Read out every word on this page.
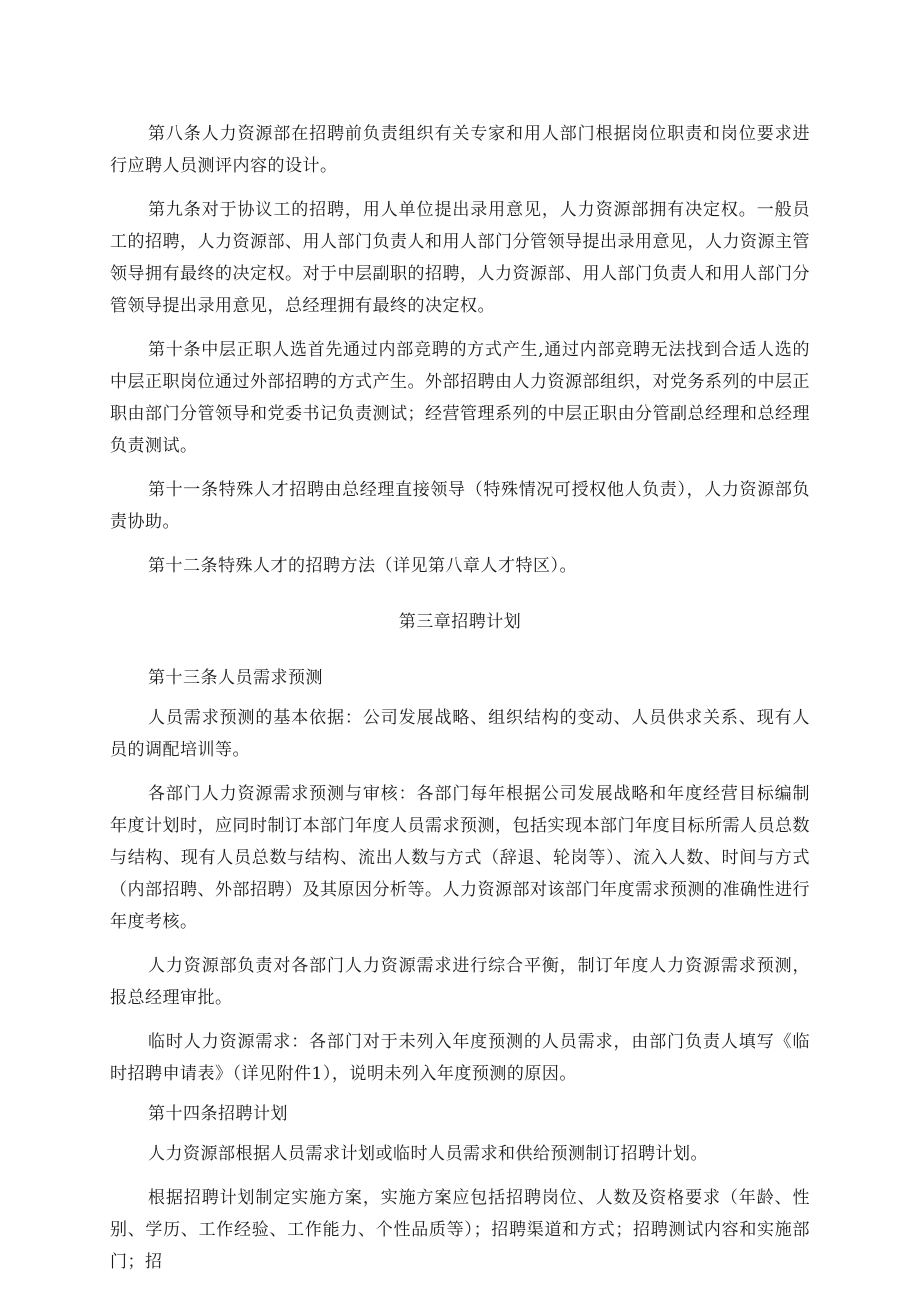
第八条人力资源部在招聘前负责组织有关专家和用人部门根据岗位职责和岗位要求进行应聘人员测评内容的设计。

第九条对于协议工的招聘，用人单位提出录用意见，人力资源部拥有决定权。一般员工的招聘，人力资源部、用人部门负责人和用人部门分管领导提出录用意见，人力资源主管领导拥有最终的决定权。对于中层副职的招聘，人力资源部、用人部门负责人和用人部门分管领导提出录用意见，总经理拥有最终的决定权。

第十条中层正职人选首先通过内部竞聘的方式产生,通过内部竞聘无法找到合适人选的中层正职岗位通过外部招聘的方式产生。外部招聘由人力资源部组织，对党务系列的中层正职由部门分管领导和党委书记负责测试；经营管理系列的中层正职由分管副总经理和总经理负责测试。

第十一条特殊人才招聘由总经理直接领导（特殊情况可授权他人负责），人力资源部负责协助。

第十二条特殊人才的招聘方法（详见第八章人才特区）。

第三章招聘计划

第十三条人员需求预测

人员需求预测的基本依据：公司发展战略、组织结构的变动、人员供求关系、现有人员的调配培训等。

各部门人力资源需求预测与审核：各部门每年根据公司发展战略和年度经营目标编制年度计划时，应同时制订本部门年度人员需求预测，包括实现本部门年度目标所需人员总数与结构、现有人员总数与结构、流出人数与方式（辞退、轮岗等）、流入人数、时间与方式（内部招聘、外部招聘）及其原因分析等。人力资源部对该部门年度需求预测的准确性进行年度考核。

人力资源部负责对各部门人力资源需求进行综合平衡，制订年度人力资源需求预测，报总经理审批。

临时人力资源需求：各部门对于未列入年度预测的人员需求，由部门负责人填写《临时招聘申请表》（详见附件1），说明未列入年度预测的原因。

第十四条招聘计划

人力资源部根据人员需求计划或临时人员需求和供给预测制订招聘计划。

根据招聘计划制定实施方案，实施方案应包括招聘岗位、人数及资格要求（年龄、性别、学历、工作经验、工作能力、个性品质等）；招聘渠道和方式；招聘测试内容和实施部门；招
